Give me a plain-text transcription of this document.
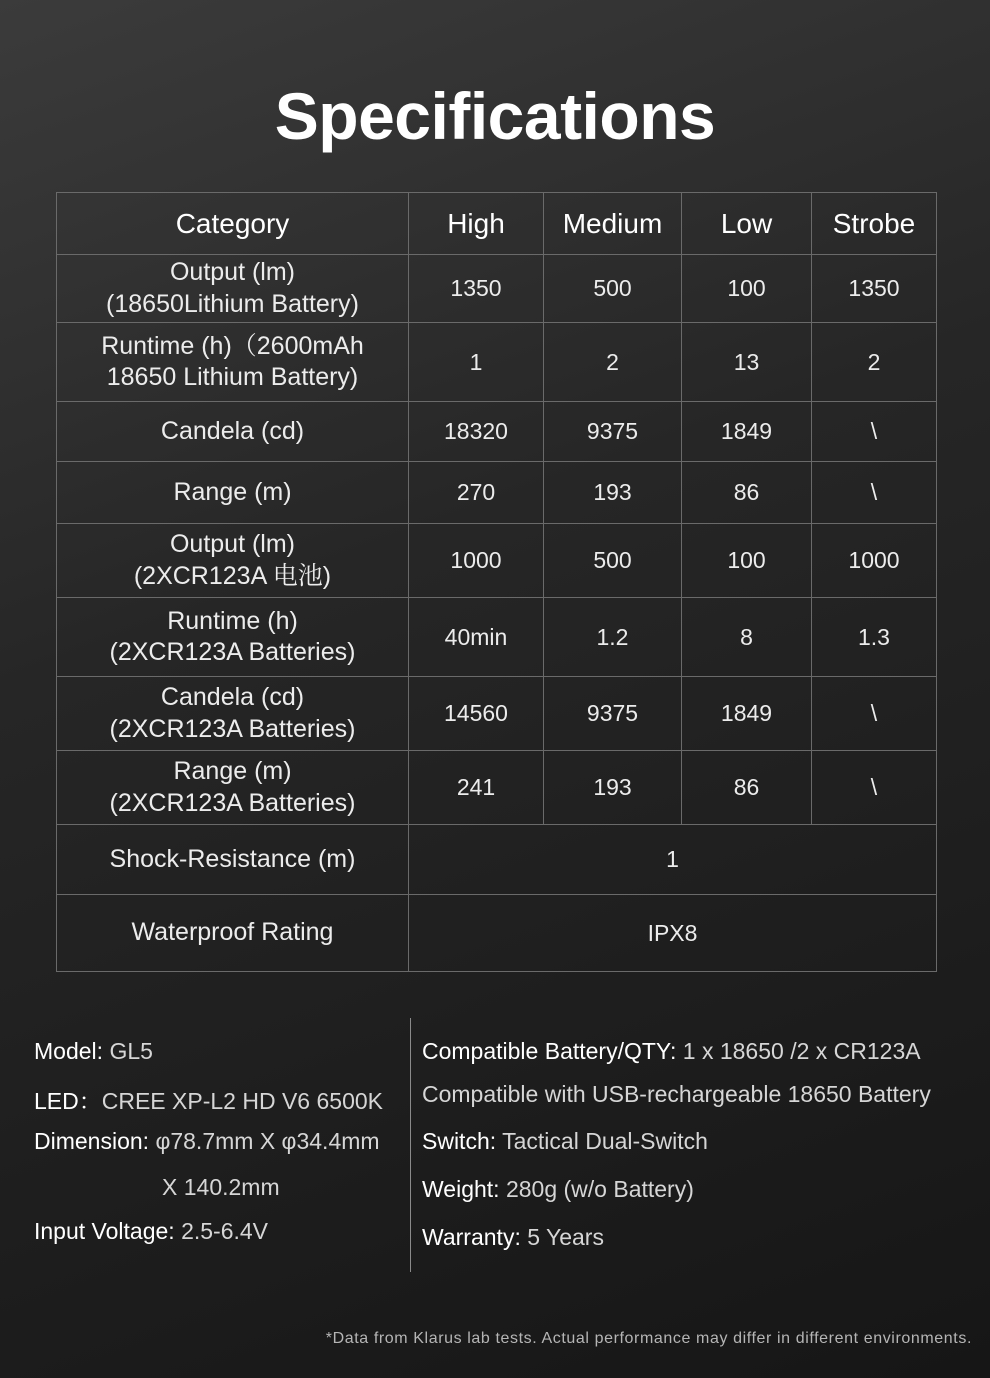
Specifications
Category	High	Medium	Low	Strobe

Output (lm)
(18650Lithium Battery)	1350	500	100	1350

Runtime (h)（2600mAh
18650 Lithium Battery)	1	2	13	2

Candela (cd)	18320	9375	1849	\

Range (m)	270	193	86	\

Output (lm)
(2XCR123A 电池)	1000	500	100	1000

Runtime (h)
(2XCR123A Batteries)	40min	1.2	8	1.3

Candela (cd)
(2XCR123A Batteries)	14560	9375	1849	\

Range (m)
(2XCR123A Batteries)	241	193	86	\
Shock-Resistance (m)	1			
Waterproof Rating	IPX8			
Model: GL5
LED：CREE XP-L2 HD V6 6500K
Dimension: φ78.7mm X φ34.4mm
X 140.2mm
Input Voltage: 2.5-6.4V
Compatible Battery/QTY: 1 x 18650 /2 x CR123A
Compatible with USB-rechargeable 18650 Battery
Switch: Tactical Dual-Switch
Weight: 280g (w/o Battery)
Warranty: 5 Years
*Data from Klarus lab tests. Actual performance may differ in different environments.
